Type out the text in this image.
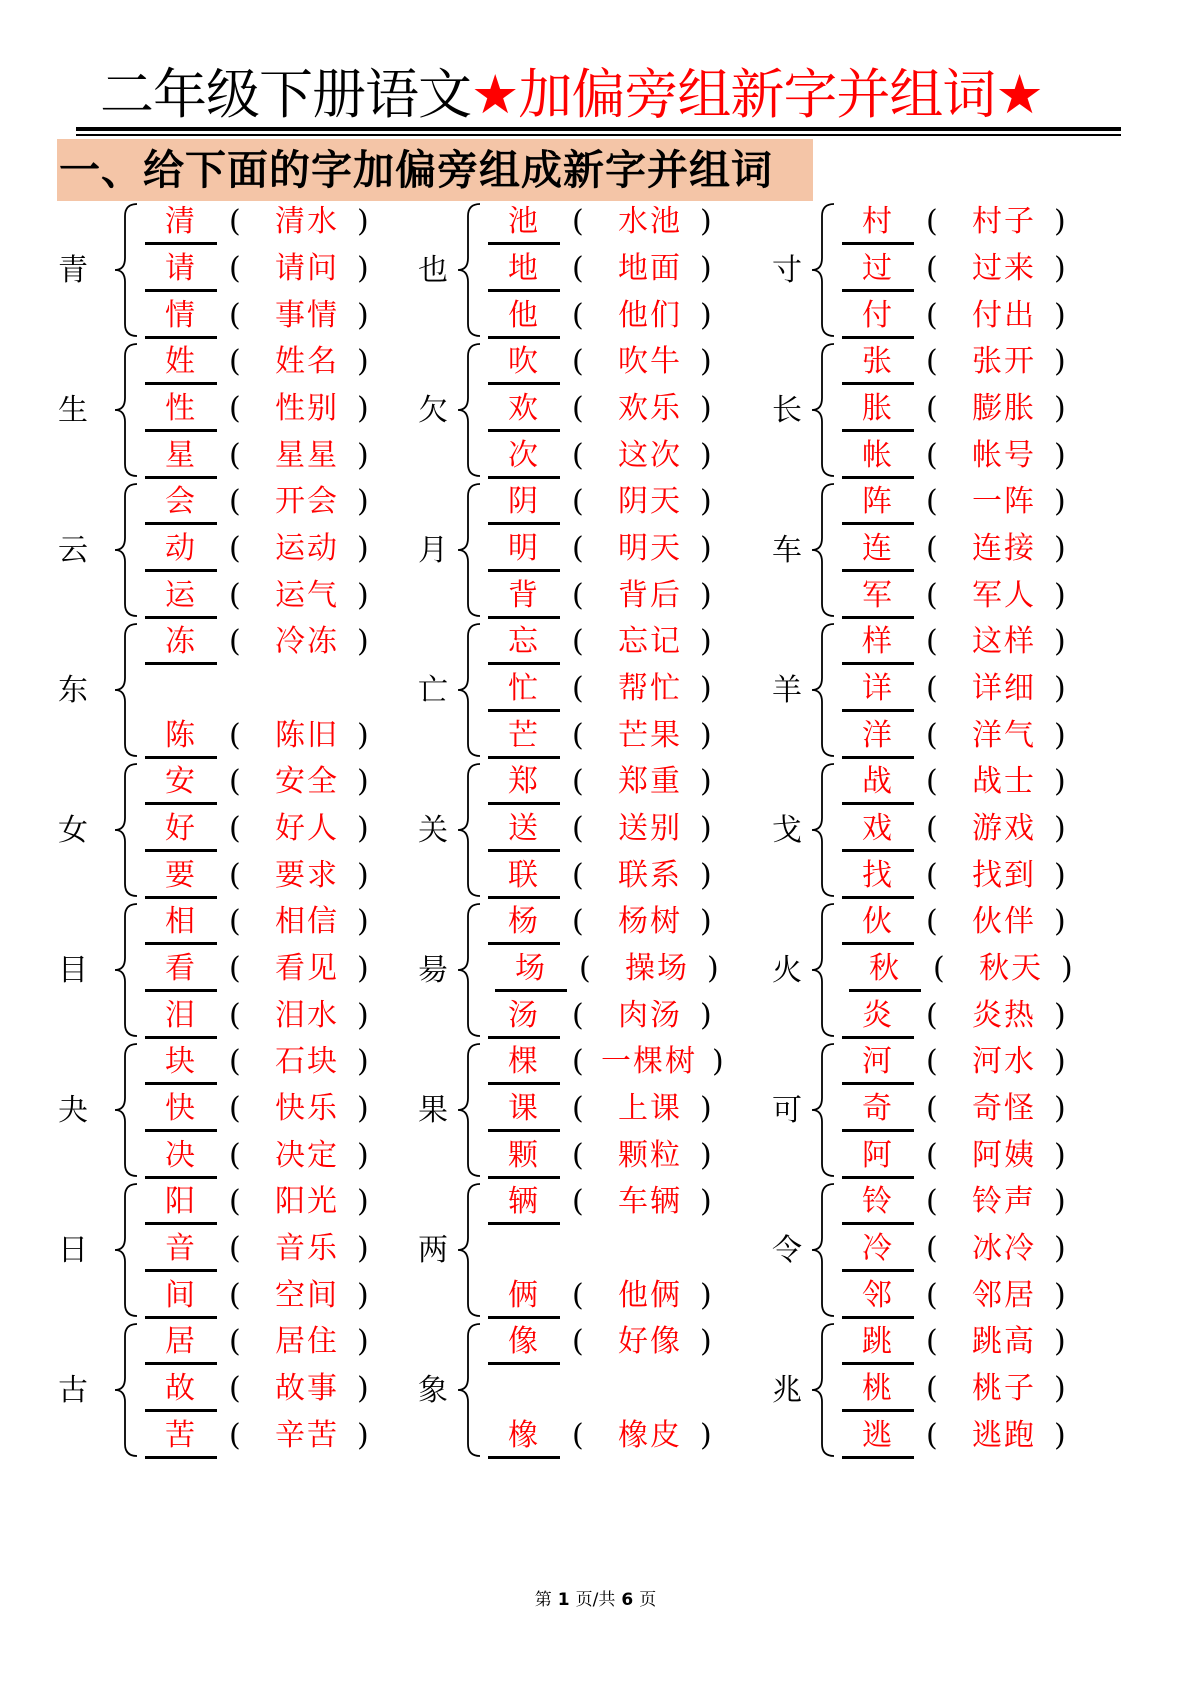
二年级下册语文★加偏旁组新字并组词★
一、给下面的字加偏旁组成新字并组词
青
清	(	清水 )
请	(	请问 )
情	(	事情 )
生
姓	(	姓名 )
性	(	性别 )
星	(	星星 )
云
会	(	开会 )
动	(	运动 )
运	(	运气 )
东
冻	(	冷冻 )
陈	(	陈旧 )
女
安	(	安全 )
好	(	好人 )
要	(	要求 )
目
相	(	相信 )
看	(	看见 )
泪	(	泪水 )
夬
块	(	石块 )
快	(	快乐 )
决	(	决定 )
日
阳	(	阳光 )
音	(	音乐 )
间	(	空间 )
古
居	(	居住 )
故	(	故事 )
苦	(	辛苦 )
也
池	(	水池 )
地	(	地面 )
他	(	他们 )
欠
吹	(	吹牛 )
欢	(	欢乐 )
次	(	这次 )
月
阴	(	阴天 )
明	(	明天 )
背	(	背后 )
亡
忘	(	忘记 )
忙	(	帮忙 )
芒	(	芒果 )
关
郑	(	郑重 )
送	(	送别 )
联	(	联系 )
昜
杨	(	杨树 )
场	(	操场 )
汤	(	肉汤 )
果
棵	( 一棵树 )
课	(	上课 )
颗	(	颗粒 )
两
辆	(	车辆 )
俩	(	他俩 )
象
像	(	好像 )
橡	(	橡皮 )
寸
村	(	村子 )
过	(	过来 )
付	(	付出 )
长
张	(	张开 )
胀	(	膨胀 )
帐	(	帐号 )
车
阵	(	一阵 )
连	(	连接 )
军	(	军人 )
羊
样	(	这样 )
详	(	详细 )
洋	(	洋气 )
戈
战	(	战士 )
戏	(	游戏 )
找	(	找到 )
火
伙	(	伙伴 )
秋	(	秋天 )
炎	(	炎热 )
可
河	(	河水 )
奇	(	奇怪 )
阿	(	阿姨 )
令
铃	(	铃声 )
冷	(	冰冷 )
邻	(	邻居 )
兆
跳	(	跳高 )
桃	(	桃子 )
逃	(	逃跑 )
第 1 页/共 6 页
